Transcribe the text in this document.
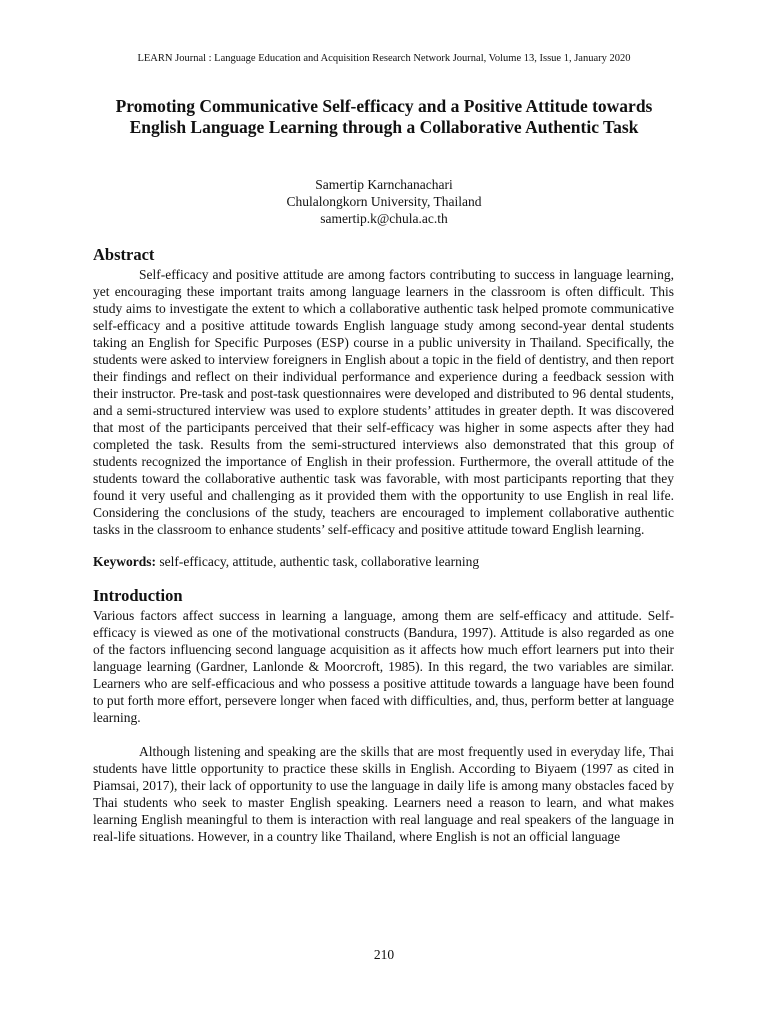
LEARN Journal : Language Education and Acquisition Research Network Journal, Volume 13, Issue 1, January 2020
Promoting Communicative Self-efficacy and a Positive Attitude towards English Language Learning through a Collaborative Authentic Task
Samertip Karnchanachari
Chulalongkorn University, Thailand
samertip.k@chula.ac.th
Abstract

Self-efficacy and positive attitude are among factors contributing to success in language learning, yet encouraging these important traits among language learners in the classroom is often difficult. This study aims to investigate the extent to which a collaborative authentic task helped promote communicative self-efficacy and a positive attitude towards English language study among second-year dental students taking an English for Specific Purposes (ESP) course in a public university in Thailand. Specifically, the students were asked to interview foreigners in English about a topic in the field of dentistry, and then report their findings and reflect on their individual performance and experience during a feedback session with their instructor. Pre-task and post-task questionnaires were developed and distributed to 96 dental students, and a semi-structured interview was used to explore students’ attitudes in greater depth. It was discovered that most of the participants perceived that their self-efficacy was higher in some aspects after they had completed the task. Results from the semi-structured interviews also demonstrated that this group of students recognized the importance of English in their profession. Furthermore, the overall attitude of the students toward the collaborative authentic task was favorable, with most participants reporting that they found it very useful and challenging as it provided them with the opportunity to use English in real life. Considering the conclusions of the study, teachers are encouraged to implement collaborative authentic tasks in the classroom to enhance students’ self-efficacy and positive attitude toward English learning.

Keywords: self-efficacy, attitude, authentic task, collaborative learning

Introduction

Various factors affect success in learning a language, among them are self-efficacy and attitude. Self-efficacy is viewed as one of the motivational constructs (Bandura, 1997). Attitude is also regarded as one of the factors influencing second language acquisition as it affects how much effort learners put into their language learning (Gardner, Lanlonde & Moorcroft, 1985). In this regard, the two variables are similar. Learners who are self-efficacious and who possess a positive attitude towards a language have been found to put forth more effort, persevere longer when faced with difficulties, and, thus, perform better at language learning.

Although listening and speaking are the skills that are most frequently used in everyday life, Thai students have little opportunity to practice these skills in English. According to Biyaem (1997 as cited in Piamsai, 2017), their lack of opportunity to use the language in daily life is among many obstacles faced by Thai students who seek to master English speaking. Learners need a reason to learn, and what makes learning English meaningful to them is interaction with real language and real speakers of the language in real-life situations. However, in a country like Thailand, where English is not an official language

210
